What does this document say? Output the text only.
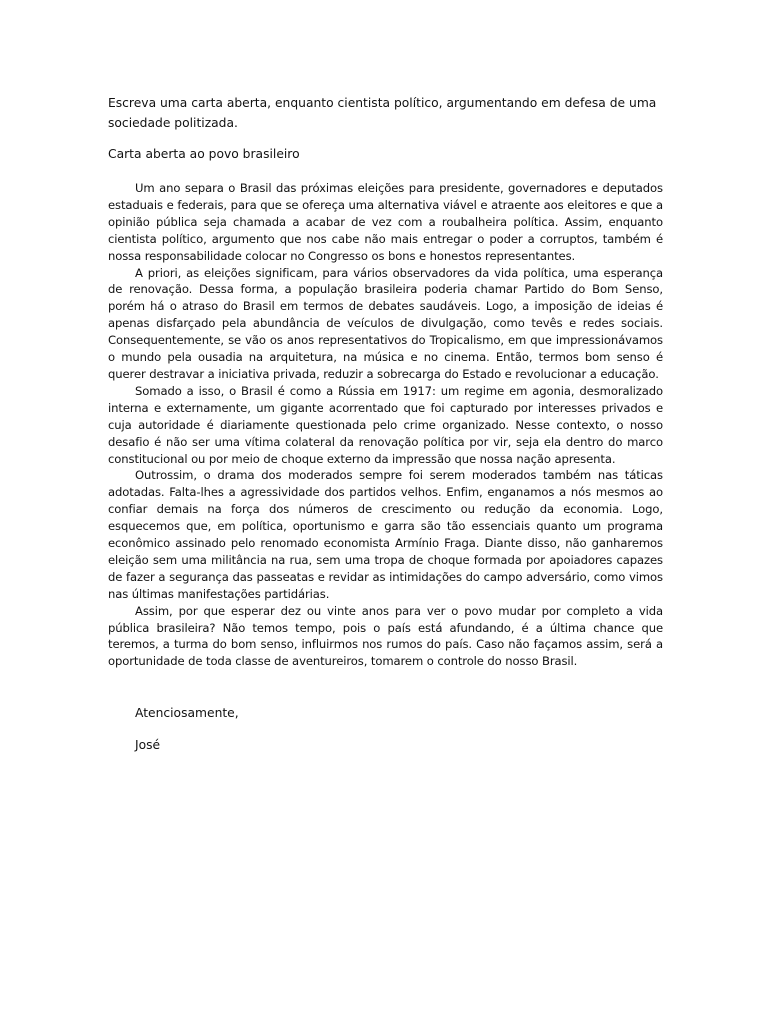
Escreva uma carta aberta, enquanto cientista político, argumentando em defesa de uma sociedade politizada.
Carta aberta ao povo brasileiro

Um ano separa o Brasil das próximas eleições para presidente, governadores e deputados estaduais e federais, para que se ofereça uma alternativa viável e atraente aos eleitores e que a opinião pública seja chamada a acabar de vez com a roubalheira política. Assim, enquanto cientista político, argumento que nos cabe não mais entregar o poder a corruptos, também é nossa responsabilidade colocar no Congresso os bons e honestos representantes.

A priori, as eleições significam, para vários observadores da vida política, uma esperança de renovação. Dessa forma, a população brasileira poderia chamar Partido do Bom Senso, porém há o atraso do Brasil em termos de debates saudáveis. Logo, a imposição de ideias é apenas disfarçado pela abundância de veículos de divulgação, como tevês e redes sociais. Consequentemente, se vão os anos representativos do Tropicalismo, em que impressionávamos o mundo pela ousadia na arquitetura, na música e no cinema. Então, termos bom senso é querer destravar a iniciativa privada, reduzir a sobrecarga do Estado e revolucionar a educação.

Somado a isso, o Brasil é como a Rússia em 1917: um regime em agonia, desmoralizado interna e externamente, um gigante acorrentado que foi capturado por interesses privados e cuja autoridade é diariamente questionada pelo crime organizado. Nesse contexto, o nosso desafio é não ser uma vítima colateral da renovação política por vir, seja ela dentro do marco constitucional ou por meio de choque externo da impressão que nossa nação apresenta.

Outrossim, o drama dos moderados sempre foi serem moderados também nas táticas adotadas. Falta-lhes a agressividade dos partidos velhos. Enfim, enganamos a nós mesmos ao confiar demais na força dos números de crescimento ou redução da economia. Logo, esquecemos que, em política, oportunismo e garra são tão essenciais quanto um programa econômico assinado pelo renomado economista Armínio Fraga. Diante disso, não ganharemos eleição sem uma militância na rua, sem uma tropa de choque formada por apoiadores capazes de fazer a segurança das passeatas e revidar as intimidações do campo adversário, como vimos nas últimas manifestações partidárias.

Assim, por que esperar dez ou vinte anos para ver o povo mudar por completo a vida pública brasileira? Não temos tempo, pois o país está afundando, é a última chance que teremos, a turma do bom senso, influirmos nos rumos do país. Caso não façamos assim, será a oportunidade de toda classe de aventureiros, tomarem o controle do nosso Brasil.

Atenciosamente,
José
